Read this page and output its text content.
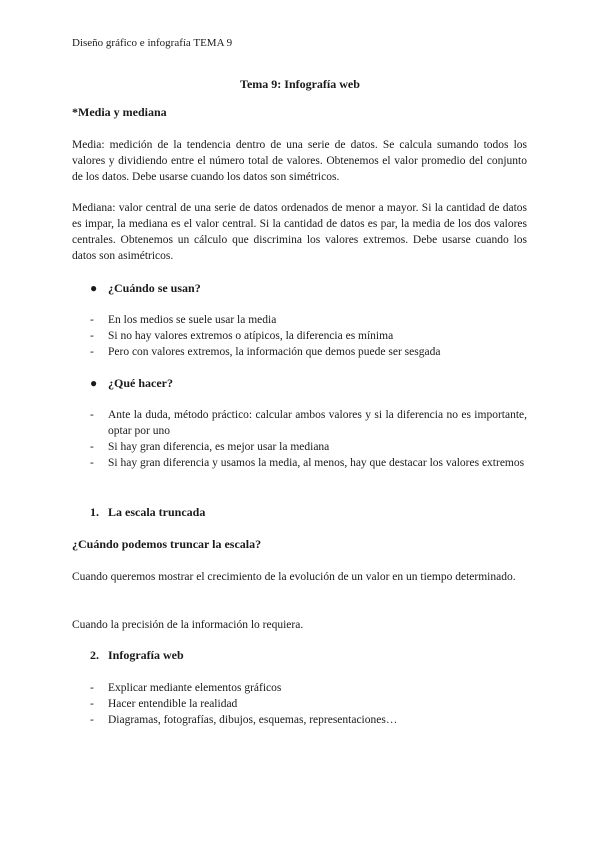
Diseño gráfico e infografía TEMA 9

Tema 9: Infografía web

*Media y mediana

Media: medición de la tendencia dentro de una serie de datos. Se calcula sumando todos los valores y dividiendo entre el número total de valores. Obtenemos el valor promedio del conjunto de los datos. Debe usarse cuando los datos son simétricos.

Mediana: valor central de una serie de datos ordenados de menor a mayor. Si la cantidad de datos es impar, la mediana es el valor central. Si la cantidad de datos es par, la media de los dos valores centrales. Obtenemos un cálculo que discrimina los valores extremos. Debe usarse cuando los datos son asimétricos.

● ¿Cuándo se usan?

- En los medios se suele usar la media
- Si no hay valores extremos o atípicos, la diferencia es mínima
- Pero con valores extremos, la información que demos puede ser sesgada

● ¿Qué hacer?

- Ante la duda, método práctico: calcular ambos valores y si la diferencia no es importante, optar por uno
- Si hay gran diferencia, es mejor usar la mediana
- Si hay gran diferencia y usamos la media, al menos, hay que destacar los valores extremos

1. La escala truncada

¿Cuándo podemos truncar la escala?

Cuando queremos mostrar el crecimiento de la evolución de un valor en un tiempo determinado.

Cuando la precisión de la información lo requiera.

2. Infografía web

- Explicar mediante elementos gráficos
- Hacer entendible la realidad
- Diagramas, fotografías, dibujos, esquemas, representaciones…
